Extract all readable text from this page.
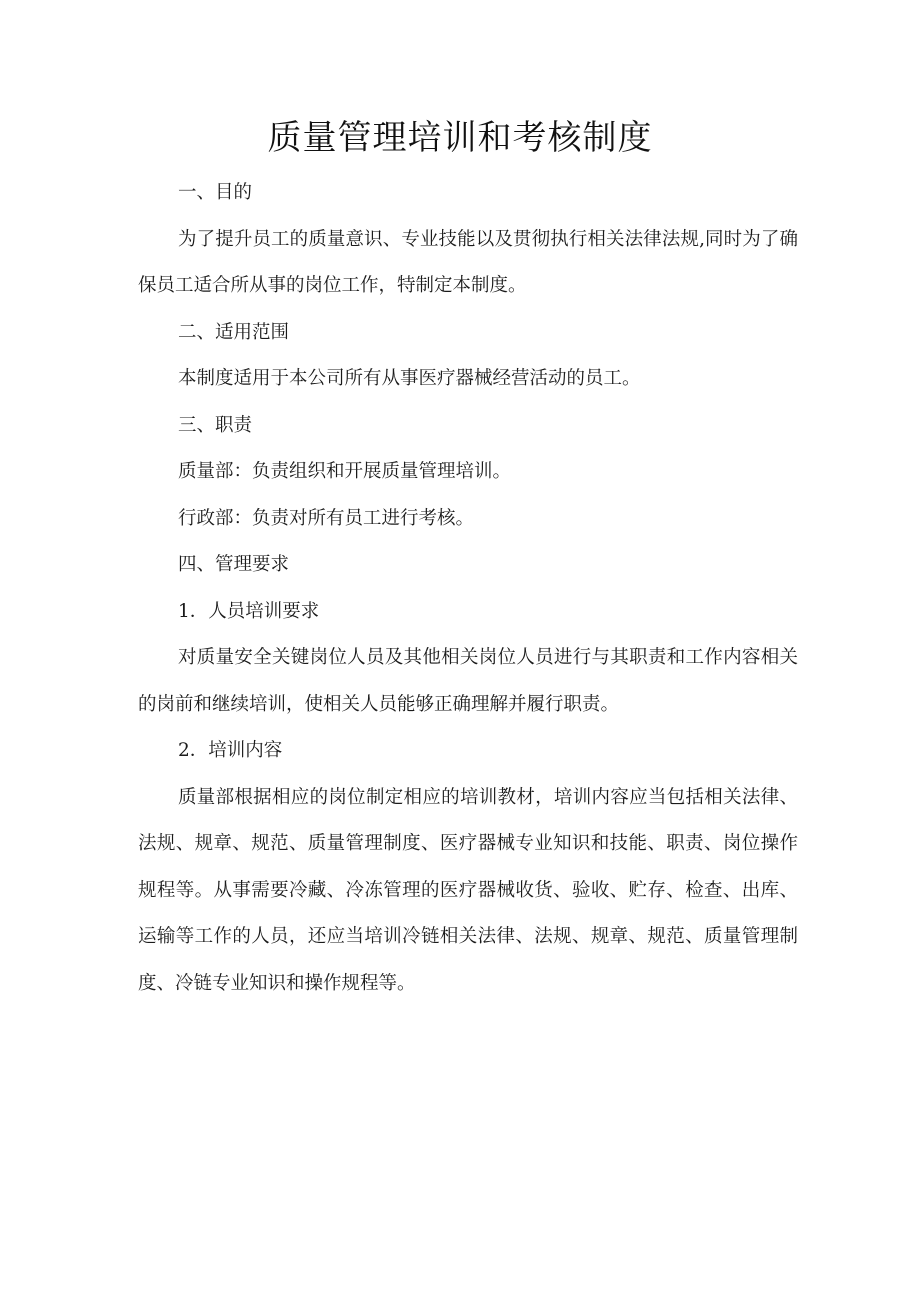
质量管理培训和考核制度

一、目的

为了提升员工的质量意识、专业技能以及贯彻执行相关法律法规,同时为了确保员工适合所从事的岗位工作，特制定本制度。

二、适用范围

本制度适用于本公司所有从事医疗器械经营活动的员工。

三、职责

质量部：负责组织和开展质量管理培训。

行政部：负责对所有员工进行考核。

四、管理要求

1．人员培训要求

对质量安全关键岗位人员及其他相关岗位人员进行与其职责和工作内容相关的岗前和继续培训，使相关人员能够正确理解并履行职责。

2．培训内容

质量部根据相应的岗位制定相应的培训教材，培训内容应当包括相关法律、法规、规章、规范、质量管理制度、医疗器械专业知识和技能、职责、岗位操作规程等。从事需要冷藏、冷冻管理的医疗器械收货、验收、贮存、检查、出库、运输等工作的人员，还应当培训冷链相关法律、法规、规章、规范、质量管理制度、冷链专业知识和操作规程等。
